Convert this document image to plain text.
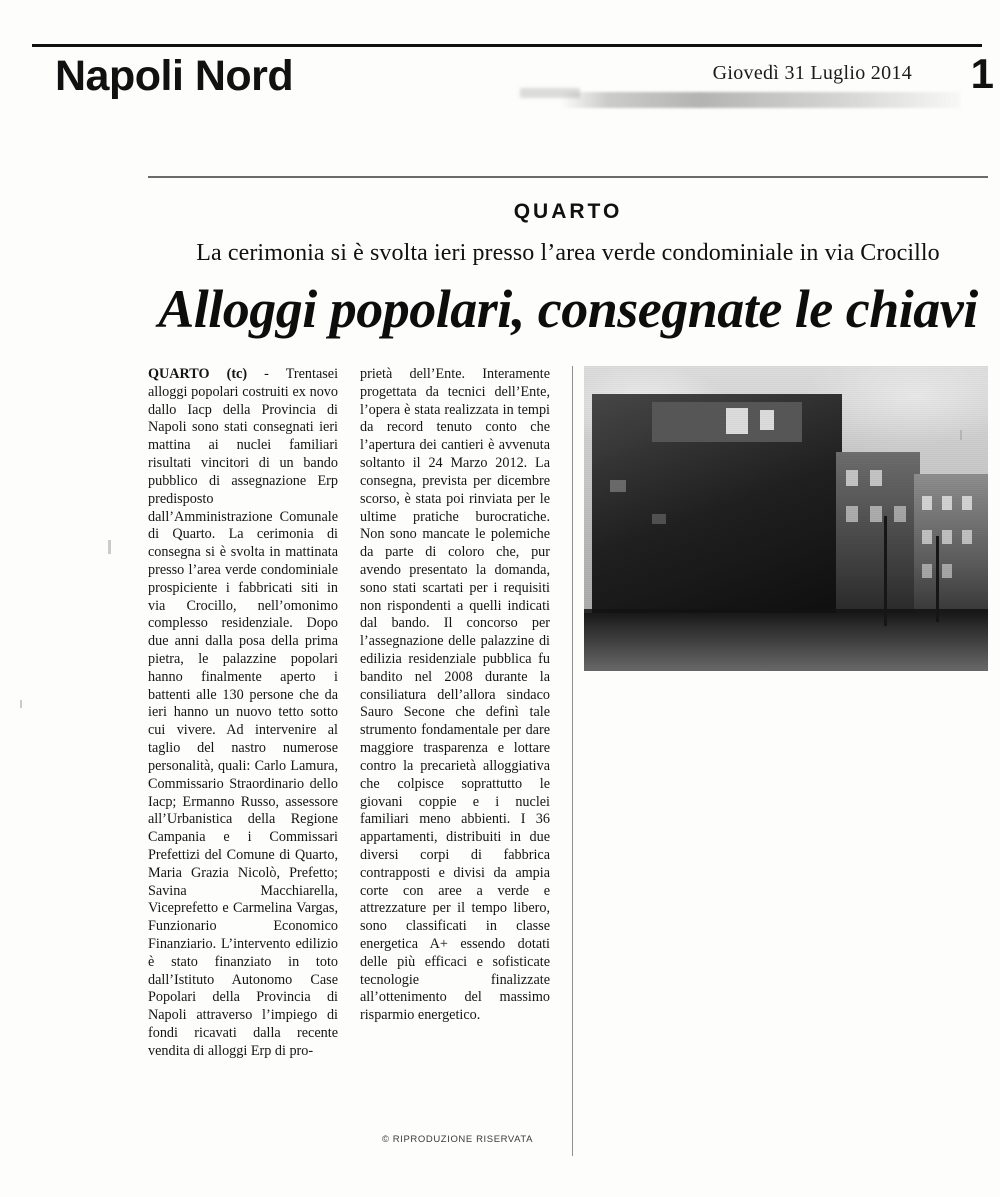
Napoli Nord	Giovedì 31 Luglio 2014 1
QUARTO
La cerimonia si è svolta ieri presso l’area verde condominiale in via Crocillo
Alloggi popolari, consegnate le chiavi

QUARTO (tc) - Trentasei alloggi popolari costruiti ex novo dallo Iacp della Provincia di Napoli sono stati consegnati ieri mattina ai nuclei familiari risultati vincitori di un bando pubblico di assegnazione Erp predisposto dall’Amministrazione Comunale di Quarto. La cerimonia di consegna si è svolta in mattinata presso l’area verde condominiale prospiciente i fabbricati siti in via Crocillo, nell’omonimo complesso residenziale. Dopo due anni dalla posa della prima pietra, le palazzine popolari hanno finalmente aperto i battenti alle 130 persone che da ieri hanno un nuovo tetto sotto cui vivere. Ad intervenire al taglio del nastro numerose personalità, quali: Carlo Lamura, Commissario Straordinario dello Iacp; Ermanno Russo, assessore all’Urbanistica della Regione Campania e i Commissari Prefettizi del Comune di Quarto, Maria Grazia Nicolò, Prefetto; Savina Macchiarella, Viceprefetto e Carmelina Vargas, Funzionario Economico Finanziario. L’intervento edilizio è stato finanziato in toto dall’Istituto Autonomo Case Popolari della Provincia di Napoli attraverso l’impiego di fondi ricavati dalla recente vendita di alloggi Erp di pro-

prietà dell’Ente. Interamente progettata da tecnici dell’Ente, l’opera è stata realizzata in tempi da record tenuto conto che l’apertura dei cantieri è avvenuta soltanto il 24 Marzo 2012. La consegna, prevista per dicembre scorso, è stata poi rinviata per le ultime pratiche burocratiche. Non sono mancate le polemiche da parte di coloro che, pur avendo presentato la domanda, sono stati scartati per i requisiti non rispondenti a quelli indicati dal bando. Il concorso per l’assegnazione delle palazzine di edilizia residenziale pubblica fu bandito nel 2008 durante la consiliatura dell’allora sindaco Sauro Secone che definì tale strumento fondamentale per dare maggiore trasparenza e lottare contro la precarietà alloggiativa che colpisce soprattutto le giovani coppie e i nuclei familiari meno abbienti. I 36 appartamenti, distribuiti in due diversi corpi di fabbrica contrapposti e divisi da ampia corte con aree a verde e attrezzature per il tempo libero, sono classificati in classe energetica A+ essendo dotati delle più efficaci e sofisticate tecnologie finalizzate all’ottenimento del massimo risparmio energetico.

© RIPRODUZIONE RISERVATA
